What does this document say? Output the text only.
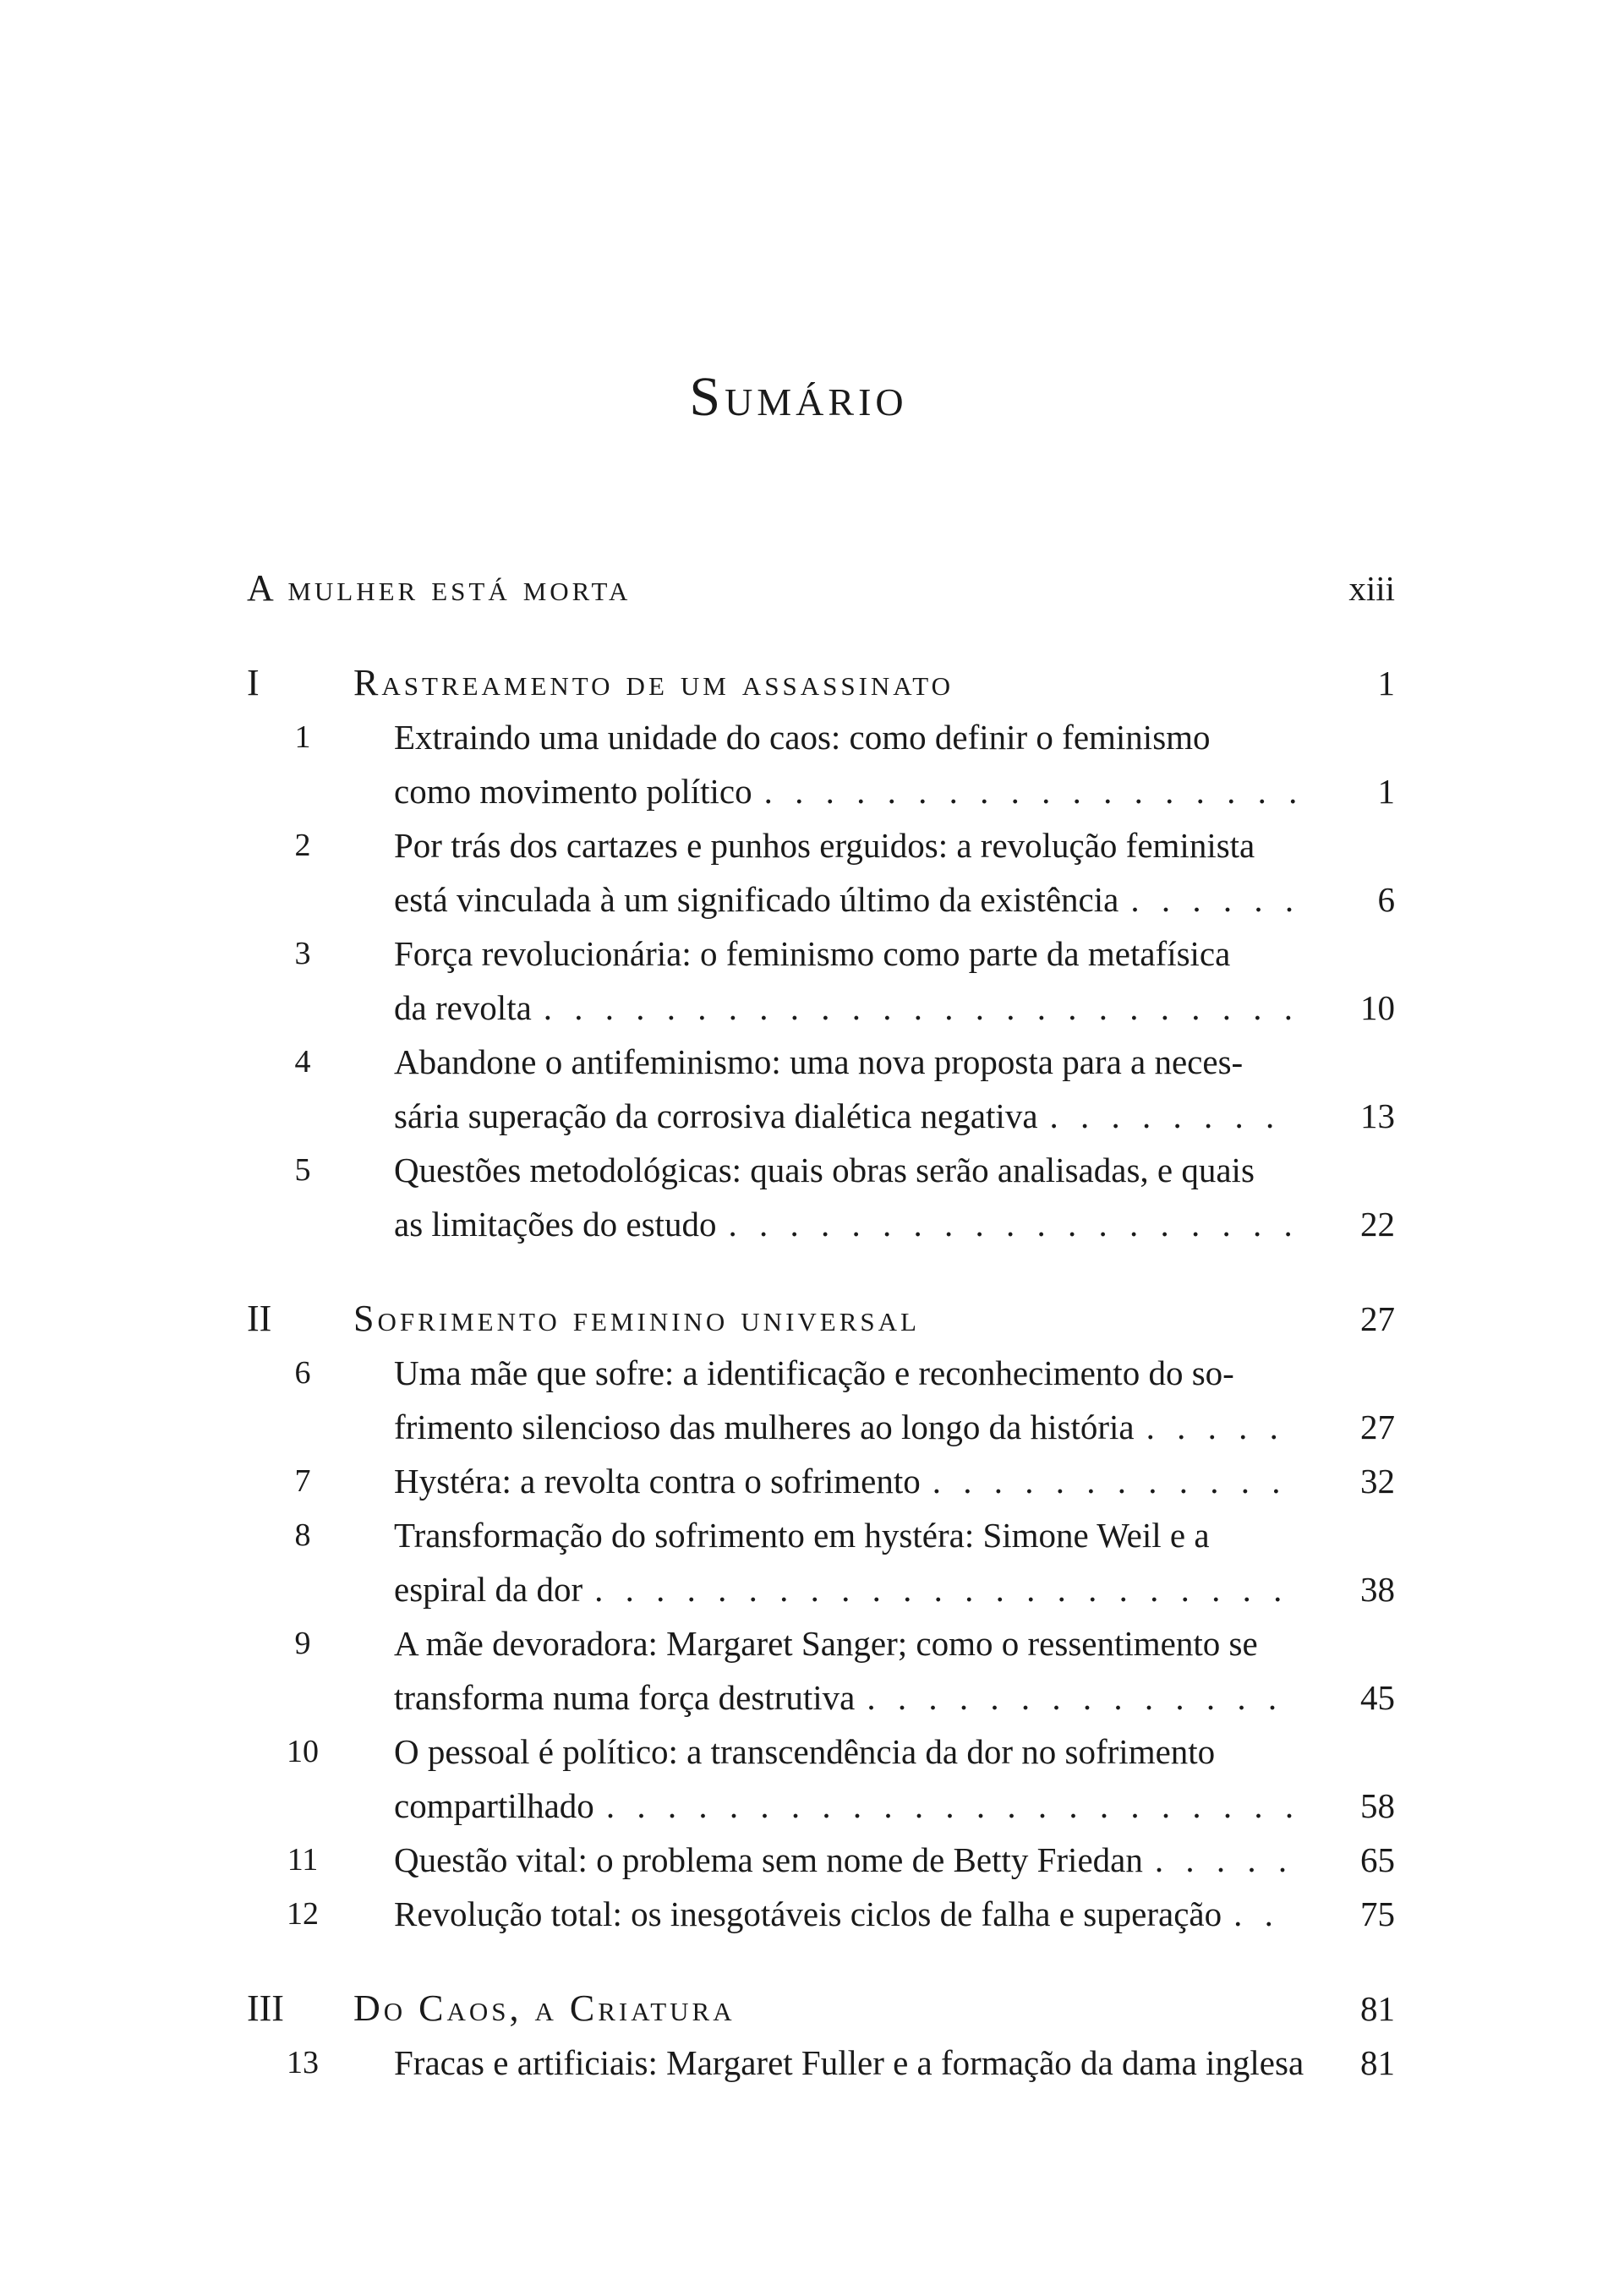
Sumário
A mulher está morta	xiii
I	Rastreamento de um assassinato	1
1	Extraindo uma unidade do caos: como definir o feminismo
como movimento político . . .	1
2	Por trás dos cartazes e punhos erguidos: a revolução feminista
está vinculada à um significado último da existência . . .	6
3	Força revolucionária: o feminismo como parte da metafísica
da revolta . . .	10
4	Abandone o antifeminismo: uma nova proposta para a neces-
sária superação da corrosiva dialética negativa . . .	13
5	Questões metodológicas: quais obras serão analisadas, e quais
as limitações do estudo . . .	22
II Sofrimento feminino universal	27
6	Uma mãe que sofre: a identificação e reconhecimento do so-
frimento silencioso das mulheres ao longo da história . . .	27
7	Hystéra: a revolta contra o sofrimento . . .	32
8	Transformação do sofrimento em hystéra: Simone Weil e a
espiral da dor . . .	38
9	A mãe devoradora: Margaret Sanger; como o ressentimento se
transforma numa força destrutiva . . .	45
10 O pessoal é político: a transcendência da dor no sofrimento
compartilhado . . .	58
11 Questão vital: o problema sem nome de Betty Friedan . . .	65
12 Revolução total: os inesgotáveis ciclos de falha e superação . . .	75
III Do Caos, a Criatura	81
13 Fracas e artificiais: Margaret Fuller e a formação da dama inglesa 81
